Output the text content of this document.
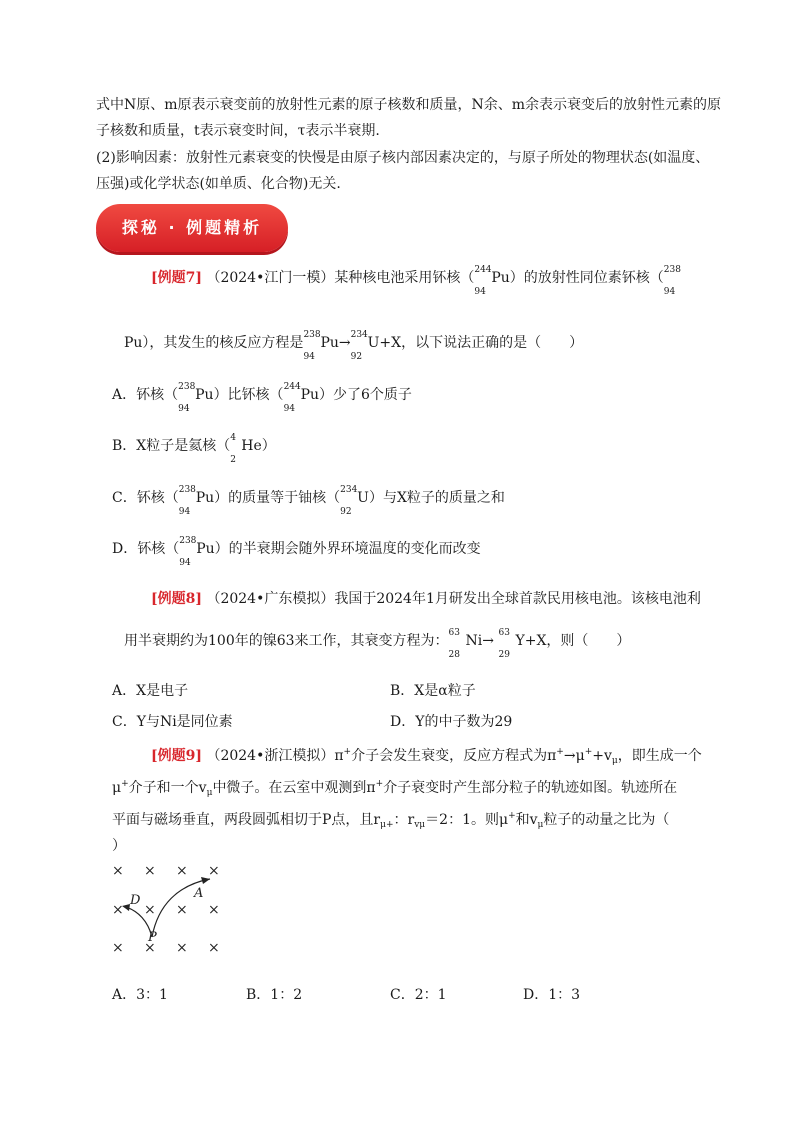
式中N原、m原表示衰变前的放射性元素的原子核数和质量，N余、m余表示衰变后的放射性元素的原
子核数和质量，t表示衰变时间，τ表示半衰期.
(2)影响因素：放射性元素衰变的快慢是由原子核内部因素决定的，与原子所处的物理状态(如温度、
压强)或化学状态(如单质、化合物)无关.
探秘 · 例题精析
[例题7] （2024•江门一模）某种核电池采用钚核（ 244
94
Pu）的放射性同位素钚核（ 238
94
Pu），其发生的核反应方程是 238
94
Pu→ 234
92
U+X，以下说法正确的是（　　）
A．钚核（ 238
94
Pu）比钚核（ 244
94
Pu）少了6个质子
B．X粒子是氦核（ 4
2
He）
C．钚核（ 238
94
Pu）的质量等于铀核（ 234
92
U）与X粒子的质量之和
D．钚核（ 238
94
Pu）的半衰期会随外界环境温度的变化而改变
[例题8] （2024•广东模拟）我国于2024年1月研发出全球首款民用核电池。该核电池利
用半衰期约为100年的镍63来工作，其衰变方程为： 63
28
Ni→ 63
29
Y+X，则（　　）
A．X是电子	B．X是α粒子
C．Y与Ni是同位素	D．Y的中子数为29
[例题9] （2024•浙江模拟）π+介子会发生衰变，反应方程式为$\pi^+\to\mu^++v_\mu$，即生成一个
μ+介子和一个$v_\mu$中微子。在云室中观测到π+介子衰变时产生部分粒子的轨迹如图。轨迹所在
平面与磁场垂直，两段圆弧相切于P点，且$r_{\mu+}$：$r_{v\mu}=2$：1。则μ+和$v_\mu$粒子的动量之比为（
）
× × × ×
× × × ×
× × × ×
A
D
P
A．3：1	B．1：2	C．2：1	D．1：3
